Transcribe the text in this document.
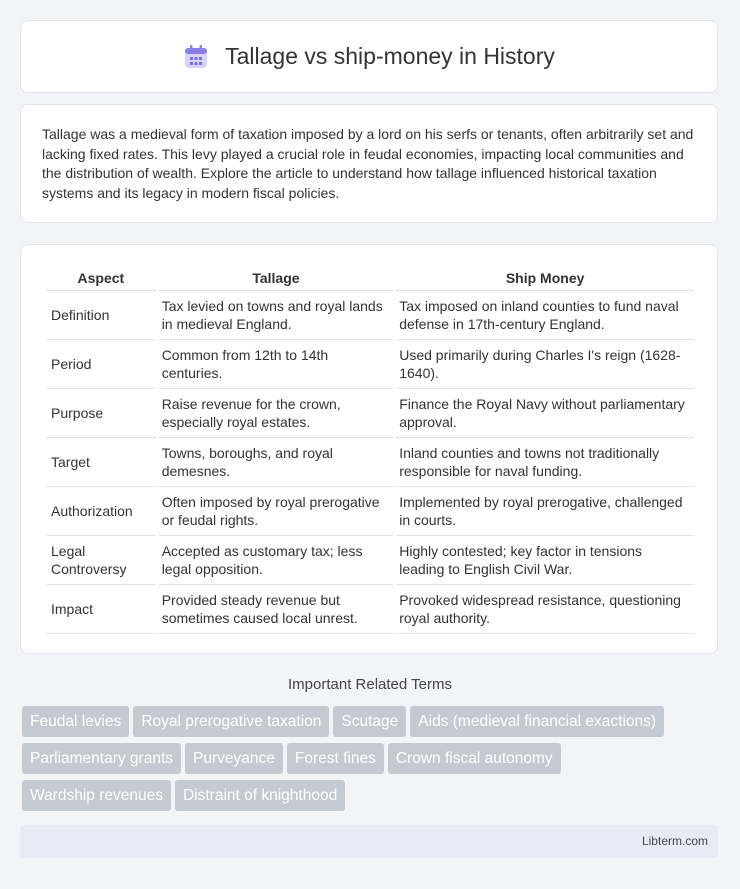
Tallage vs ship-money in History

Tallage was a medieval form of taxation imposed by a lord on his serfs or tenants, often arbitrarily set and lacking fixed rates. This levy played a crucial role in feudal economies, impacting local communities and the distribution of wealth. Explore the article to understand how tallage influenced historical taxation systems and its legacy in modern fiscal policies.

Aspect	Tallage	Ship Money
Definition	Tax levied on towns and royal lands in medieval England.	Tax imposed on inland counties to fund naval defense in 17th-century England.
Period	Common from 12th to 14th centuries.	Used primarily during Charles I's reign (1628-1640).
Purpose	Raise revenue for the crown, especially royal estates.	Finance the Royal Navy without parliamentary approval.
Target	Towns, boroughs, and royal demesnes.	Inland counties and towns not traditionally responsible for naval funding.
Authorization	Often imposed by royal prerogative or feudal rights.	Implemented by royal prerogative, challenged in courts.
Legal Controversy	Accepted as customary tax; less legal opposition.	Highly contested; key factor in tensions leading to English Civil War.
Impact	Provided steady revenue but sometimes caused local unrest.	Provoked widespread resistance, questioning royal authority.
Important Related Terms
Feudal levies Royal prerogative taxation Scutage Aids (medieval financial exactions)
Parliamentary grants Purveyance Forest fines Crown fiscal autonomy
Wardship revenues Distraint of knighthood
Libterm.com
